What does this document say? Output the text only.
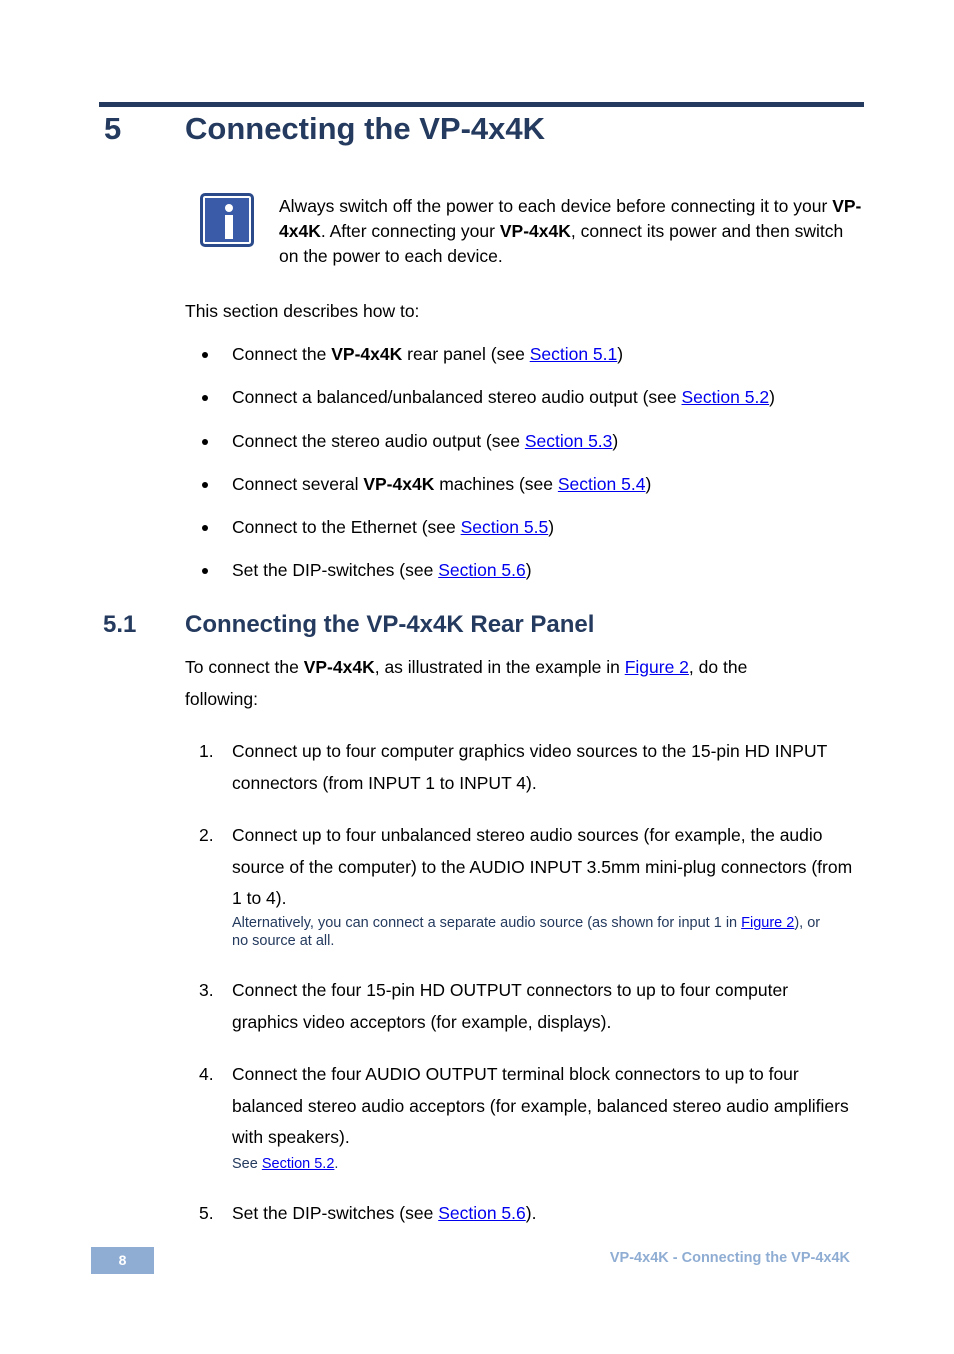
5 Connecting the VP-4x4K
Always switch off the power to each device before connecting it to your VP-4x4K. After connecting your VP-4x4K, connect its power and then switch on the power to each device.
This section describes how to:
Connect the VP-4x4K rear panel (see Section 5.1)
Connect a balanced/unbalanced stereo audio output (see Section 5.2)
Connect the stereo audio output (see Section 5.3)
Connect several VP-4x4K machines (see Section 5.4)
Connect to the Ethernet (see Section 5.5)
Set the DIP-switches (see Section 5.6)
5.1 Connecting the VP-4x4K Rear Panel
To connect the VP-4x4K, as illustrated in the example in Figure 2, do the following:
1. Connect up to four computer graphics video sources to the 15-pin HD INPUT connectors (from INPUT 1 to INPUT 4).
2. Connect up to four unbalanced stereo audio sources (for example, the audio source of the computer) to the AUDIO INPUT 3.5mm mini-plug connectors (from 1 to 4).
Alternatively, you can connect a separate audio source (as shown for input 1 in Figure 2), or no source at all.
3. Connect the four 15-pin HD OUTPUT connectors to up to four computer graphics video acceptors (for example, displays).
4. Connect the four AUDIO OUTPUT terminal block connectors to up to four balanced stereo audio acceptors (for example, balanced stereo audio amplifiers with speakers).
See Section 5.2.
5. Set the DIP-switches (see Section 5.6).
8	VP-4x4K - Connecting the VP-4x4K
